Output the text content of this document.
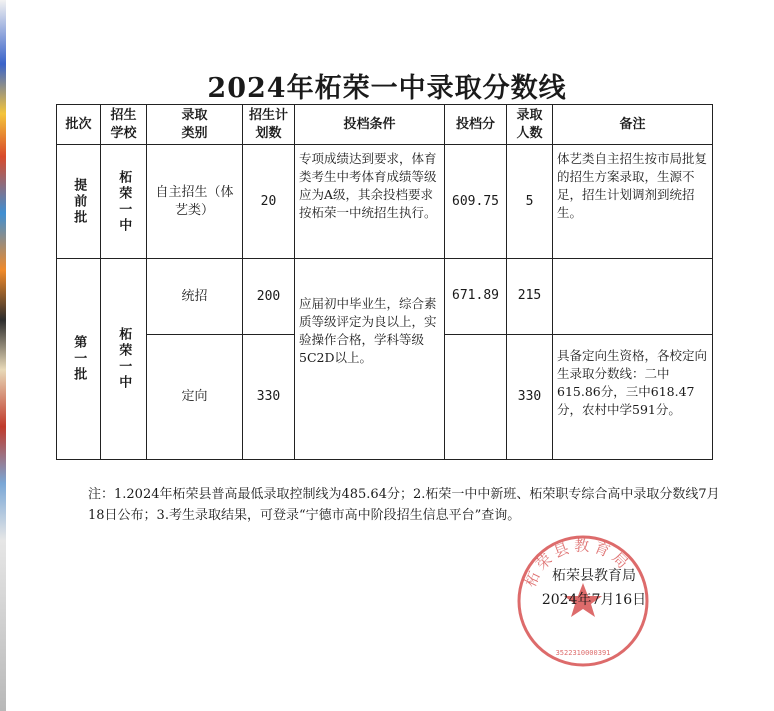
2024年柘荣一中录取分数线
批次	招生学校	录取类别	招生计划数	投档条件	投档分	录取人数	备注

提前批	柘荣一中	自主招生（体艺类）	20	专项成绩达到要求，体育类考生中考体育成绩等级应为A级，其余投档要求按柘荣一中统招生执行。	609.75	5	体艺类自主招生按市局批复的招生方案录取，生源不足，招生计划调剂到统招生。

第一批	柘荣一中	统招	200	应届初中毕业生，综合素质等级评定为良以上，实验操作合格，学科等级5C2D以上。	671.89	215	
		定向	330			330	具备定向生资格，各校定向生录取分数线：二中615.86分，三中618.47分，农村中学591分。
注：1.2024年柘荣县普高最低录取控制线为485.64分；2.柘荣一中中新班、柘荣职专综合高中录取分数线7月18日公布；3.考生录取结果，可登录“宁德市高中阶段招生信息平台”查询。
柘荣县教育局
3522310000391
柘荣县教育局
2024年7月16日
